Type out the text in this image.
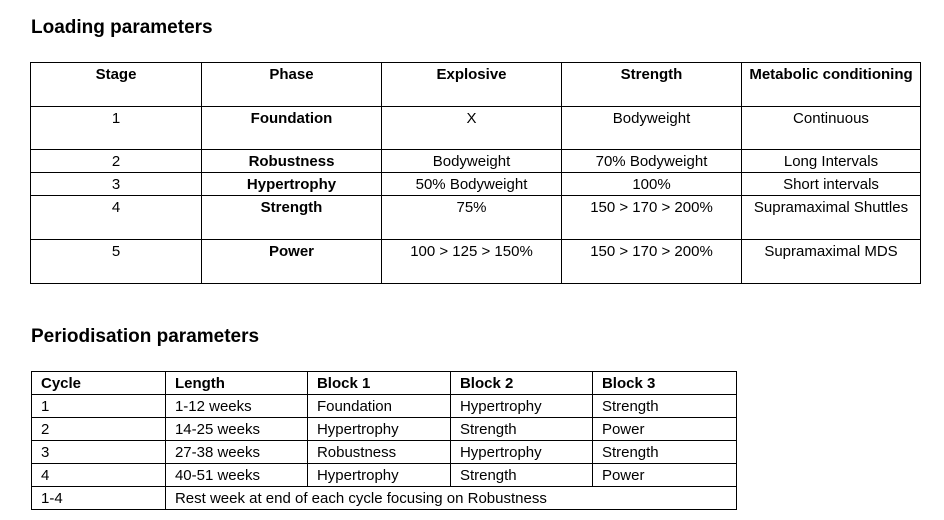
Loading parameters
Stage	Phase	Explosive	Strength	Metabolic conditioning
1	Foundation	X	Bodyweight	Continuous
2	Robustness	Bodyweight	70% Bodyweight	Long Intervals
3	Hypertrophy	50% Bodyweight	100%	Short intervals
4	Strength	75%	150 > 170 > 200%	Supramaximal Shuttles
5	Power	100 > 125 > 150%	150 > 170 > 200%	Supramaximal MDS
Periodisation parameters
Cycle	Length	Block 1	Block 2	Block 3
1	1-12 weeks	Foundation	Hypertrophy	Strength
2	14-25 weeks	Hypertrophy	Strength	Power
3	27-38 weeks	Robustness	Hypertrophy	Strength
4	40-51 weeks	Hypertrophy	Strength	Power
1-4	Rest week at end of each cycle focusing on Robustness			
